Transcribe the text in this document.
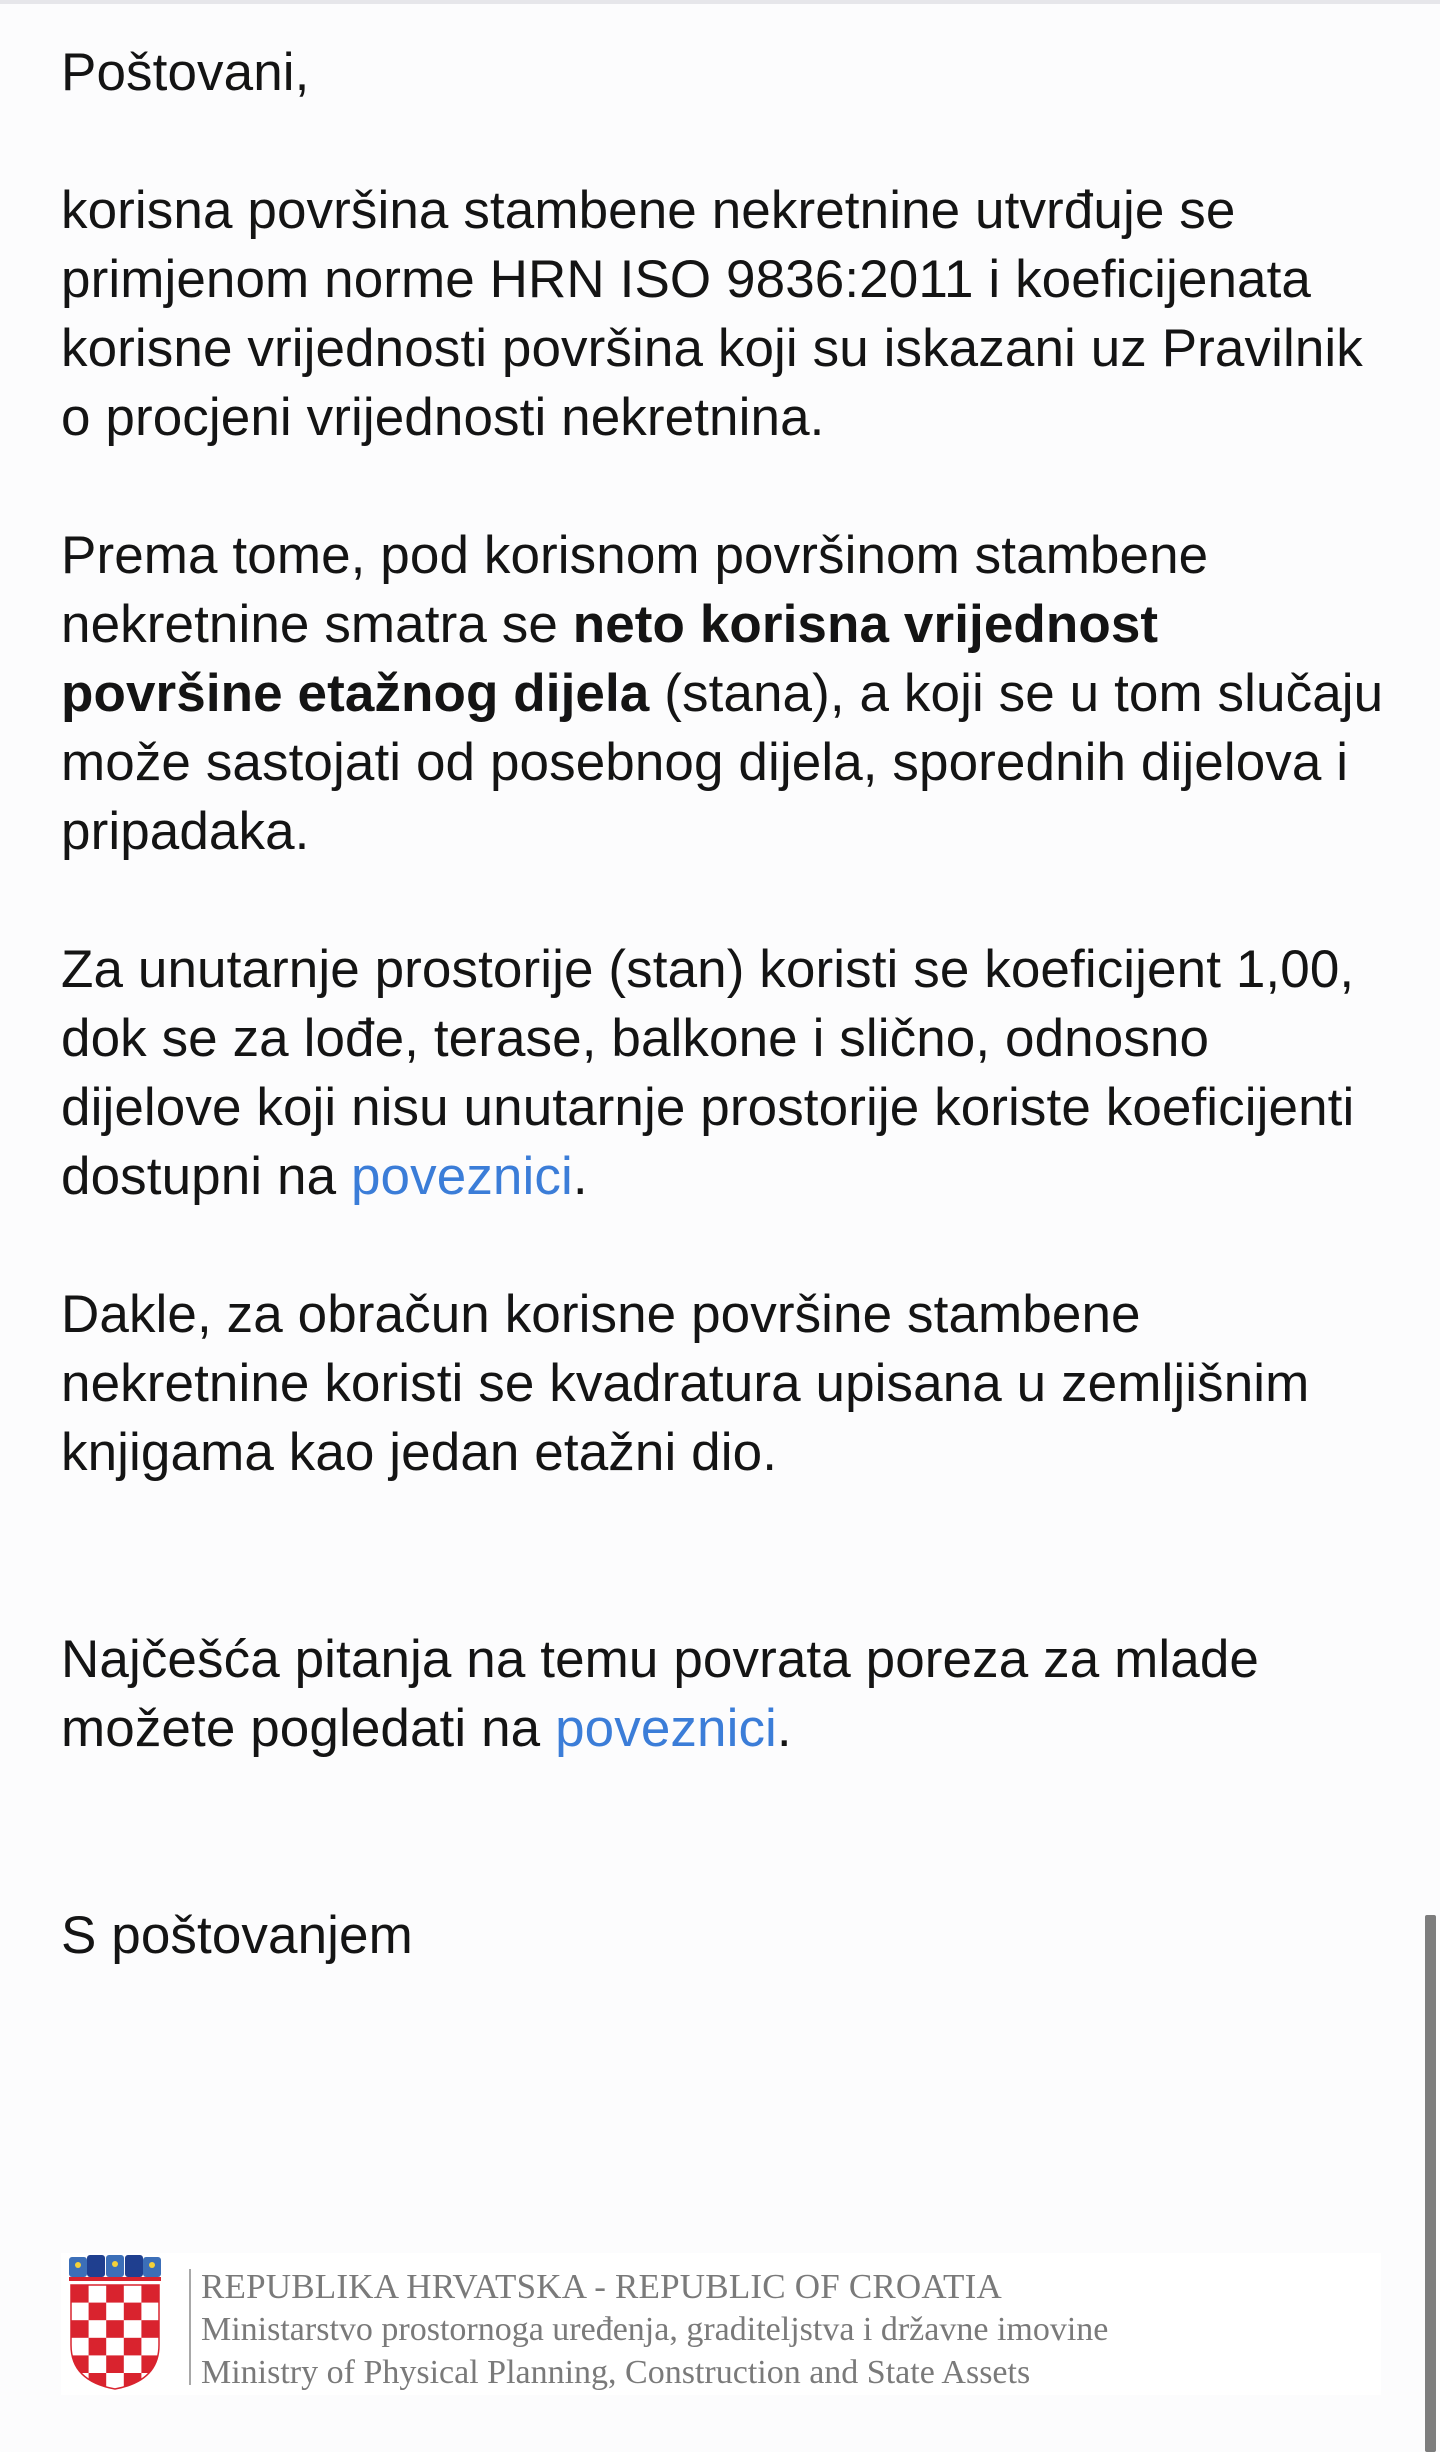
Poštovani,

korisna površina stambene nekretnine utvrđuje se primjenom norme HRN ISO 9836:2011 i koeficijenata korisne vrijednosti površina koji su iskazani uz Pravilnik o procjeni vrijednosti nekretnina.

Prema tome, pod korisnom površinom stambene nekretnine smatra se neto korisna vrijednost površine etažnog dijela (stana), a koji se u tom slučaju može sastojati od posebnog dijela, sporednih dijelova i pripadaka.

Za unutarnje prostorije (stan) koristi se koeficijent 1,00, dok se za lođe, terase, balkone i slično, odnosno dijelove koji nisu unutarnje prostorije koriste koeficijenti dostupni na poveznici.

Dakle, za obračun korisne površine stambene nekretnine koristi se kvadratura upisana u zemljišnim knjigama kao jedan etažni dio.

Najčešća pitanja na temu povrata poreza za mlade možete pogledati na poveznici.

S poštovanjem

REPUBLIKA HRVATSKA - REPUBLIC OF CROATIA
Ministarstvo prostornoga uređenja, graditeljstva i državne imovine
Ministry of Physical Planning, Construction and State Assets
